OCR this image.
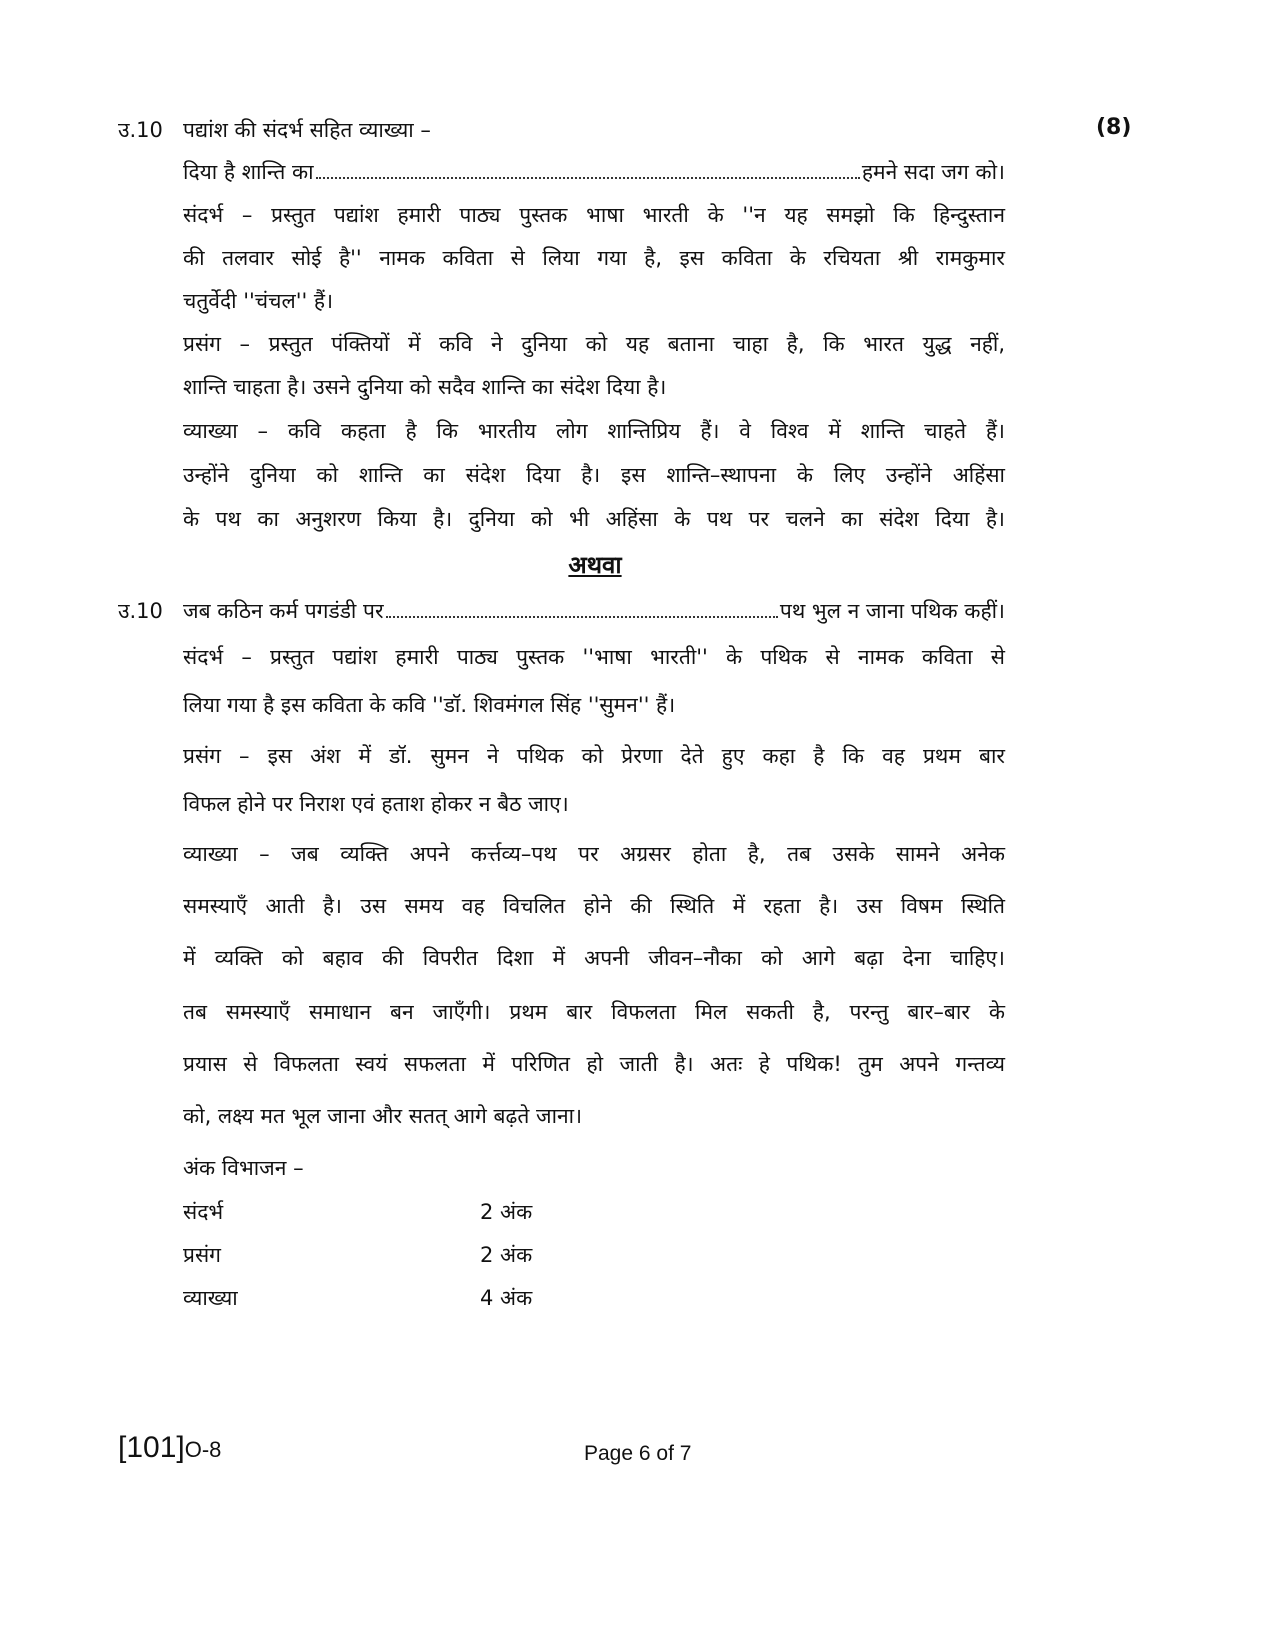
उ.10 पद्यांश की संदर्भ सहित व्याख्या –	(8)
दिया है शान्ति का	हमने सदा जग को।
संदर्भ – प्रस्तुत पद्यांश हमारी पाठ्य पुस्तक भाषा भारती के ''न यह समझो कि हिन्दुस्तान
की तलवार सोई है'' नामक कविता से लिया गया है, इस कविता के रचियता श्री रामकुमार
चतुर्वेदी ''चंचल'' हैं।
प्रसंग – प्रस्तुत पंक्तियों में कवि ने दुनिया को यह बताना चाहा है, कि भारत युद्ध नहीं,
शान्ति चाहता है। उसने दुनिया को सदैव शान्ति का संदेश दिया है।
व्याख्या – कवि कहता है कि भारतीय लोग शान्तिप्रिय हैं। वे विश्व में शान्ति चाहते हैं।
उन्होंने दुनिया को शान्ति का संदेश दिया है। इस शान्ति–स्थापना के लिए उन्होंने अहिंसा
के पथ का अनुशरण किया है। दुनिया को भी अहिंसा के पथ पर चलने का संदेश दिया है।
अथवा
उ.10 जब कठिन कर्म पगडंडी पर	पथ भुल न जाना पथिक कहीं।
संदर्भ – प्रस्तुत पद्यांश हमारी पाठ्य पुस्तक ''भाषा भारती'' के पथिक से नामक कविता से
लिया गया है इस कविता के कवि ''डॉ. शिवमंगल सिंह ''सुमन'' हैं।
प्रसंग – इस अंश में डॉ. सुमन ने पथिक को प्रेरणा देते हुए कहा है कि वह प्रथम बार
विफल होने पर निराश एवं हताश होकर न बैठ जाए।
व्याख्या – जब व्यक्ति अपने कर्त्तव्य–पथ पर अग्रसर होता है, तब उसके सामने अनेक
समस्याएँ आती है। उस समय वह विचलित होने की स्थिति में रहता है। उस विषम स्थिति
में व्यक्ति को बहाव की विपरीत दिशा में अपनी जीवन–नौका को आगे बढ़ा देना चाहिए।
तब समस्याएँ समाधान बन जाएँगी। प्रथम बार विफलता मिल सकती है, परन्तु बार–बार के
प्रयास से विफलता स्वयं सफलता में परिणित हो जाती है। अतः हे पथिक! तुम अपने गन्तव्य
को, लक्ष्य मत भूल जाना और सतत् आगे बढ़ते जाना।
अंक विभाजन –
संदर्भ	2 अंक
प्रसंग	2 अंक
व्याख्या	4 अंक
[101]O-8	Page 6 of 7
